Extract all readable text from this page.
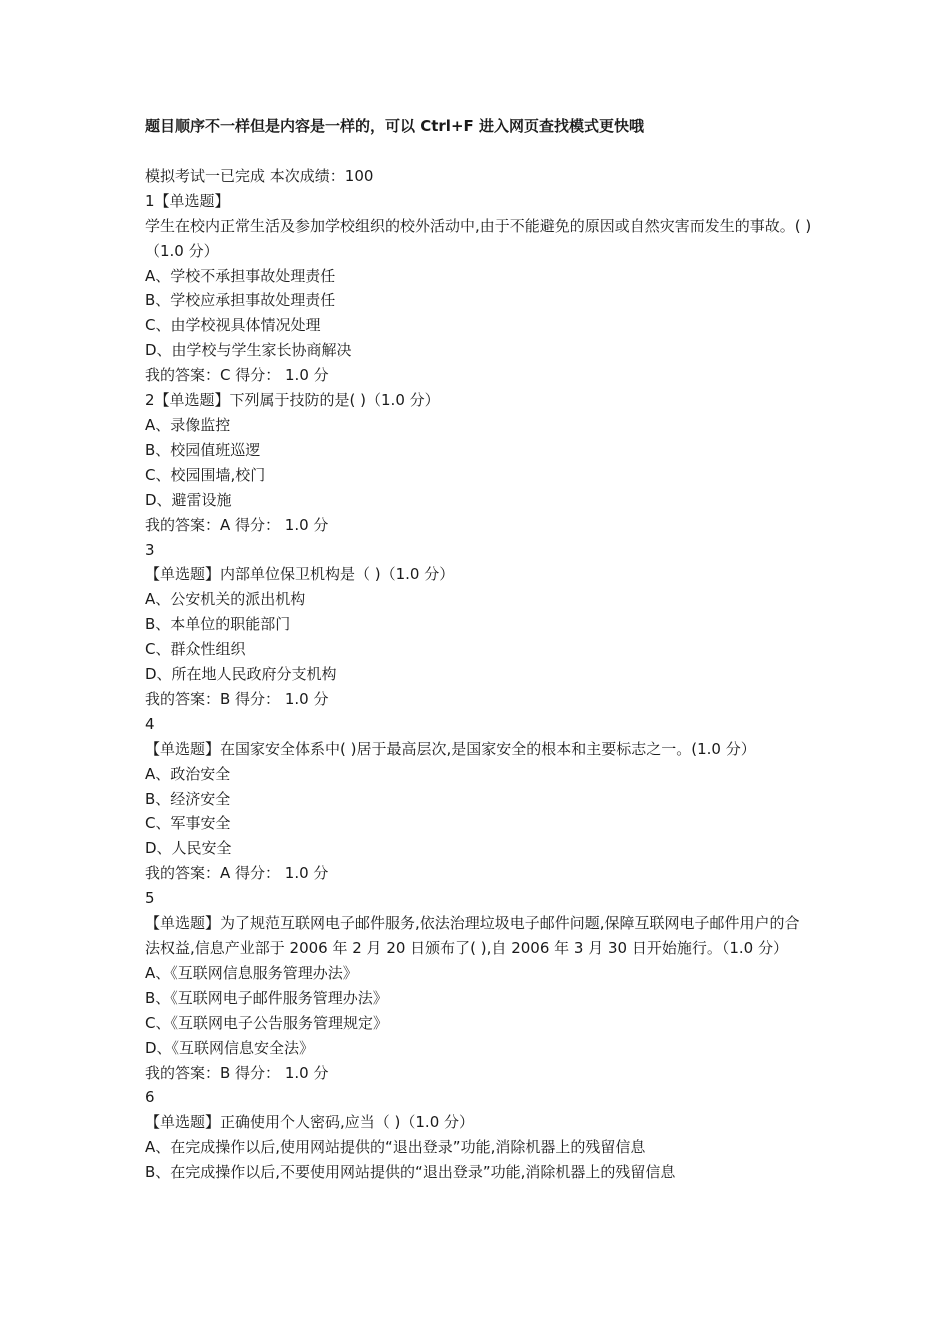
题目顺序不一样但是内容是一样的，可以 Ctrl+F 进入网页查找模式更快哦

模拟考试一已完成 本次成绩：100

1【单选题】

学生在校内正常生活及参加学校组织的校外活动中,由于不能避免的原因或自然灾害而发生的事故。( )（1.0 分）

A、学校不承担事故处理责任

B、学校应承担事故处理责任

C、由学校视具体情况处理

D、由学校与学生家长协商解决

我的答案：C 得分： 1.0 分

2【单选题】下列属于技防的是( )（1.0 分）

A、录像监控

B、校园值班巡逻

C、校园围墙,校门

D、避雷设施

我的答案：A 得分： 1.0 分

3

【单选题】内部单位保卫机构是（ )（1.0 分）

A、公安机关的派出机构

B、本单位的职能部门

C、群众性组织

D、所在地人民政府分支机构

我的答案：B 得分： 1.0 分

4

【单选题】在国家安全体系中( )居于最高层次,是国家安全的根本和主要标志之一。(1.0 分）

A、政治安全

B、经济安全

C、军事安全

D、人民安全

我的答案：A 得分： 1.0 分

5

【单选题】为了规范互联网电子邮件服务,依法治理垃圾电子邮件问题,保障互联网电子邮件用户的合法权益,信息产业部于 2006 年 2 月 20 日颁布了( ),自 2006 年 3 月 30 日开始施行。（1.0 分）

A、《互联网信息服务管理办法》

B、《互联网电子邮件服务管理办法》

C、《互联网电子公告服务管理规定》

D、《互联网信息安全法》

我的答案：B 得分： 1.0 分

6

【单选题】正确使用个人密码,应当（ )（1.0 分）

A、在完成操作以后,使用网站提供的“退出登录”功能,消除机器上的残留信息

B、在完成操作以后,不要使用网站提供的“退出登录”功能,消除机器上的残留信息
